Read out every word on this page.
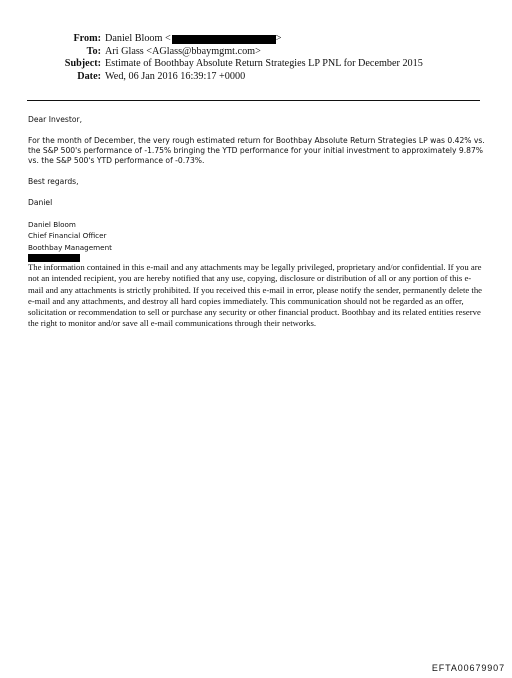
From: Daniel Bloom <	>
To: Ari Glass <AGlass@bbaymgmt.com>
Subject: Estimate of Boothbay Absolute Return Strategies LP PNL for December 2015
Date: Wed, 06 Jan 2016 16:39:17 +0000

Dear Investor,

For the month of December, the very rough estimated return for Boothbay Absolute Return Strategies LP was 0.42% vs. the S&P 500's performance of -1.75% bringing the YTD performance for your initial investment to approximately 9.87% vs. the S&P 500's YTD performance of -0.73%.

Best regards,

Daniel

Daniel Bloom
Chief Financial Officer
Boothbay Management
The information contained in this e-mail and any attachments may be legally privileged, proprietary and/or confidential. If you are not an intended recipient, you are hereby notified that any use, copying, disclosure or distribution of all or any portion of this e-mail and any attachments is strictly prohibited. If you received this e-mail in error, please notify the sender, permanently delete the e-mail and any attachments, and destroy all hard copies immediately. This communication should not be regarded as an offer, solicitation or recommendation to sell or purchase any security or other financial product. Boothbay and its related entities reserve the right to monitor and/or save all e-mail communications through their networks.
EFTA00679907
